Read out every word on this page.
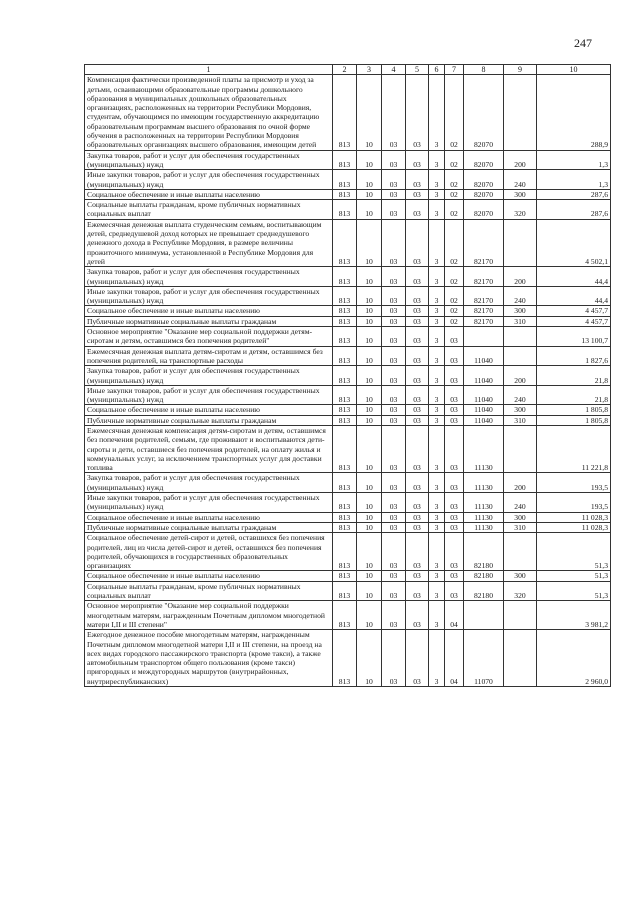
247
1	2	3	4	5	6	7	8	9	10
Компенсация фактически произведенной платы за присмотр и уход за детьми, осваивающими образовательные программы дошкольного образования в муниципальных дошкольных образовательных организациях, расположенных на территории Республики Мордовия, студентам, обучающимся по имеющим государственную аккредитацию образовательным программам высшего образования по очной форме обучения в расположенных на территории Республики Мордовия образовательных организациях высшего образования, имеющим детей	813	10	03	03	3	02	82070		288,9
Закупка товаров, работ и услуг для обеспечения государственных (муниципальных) нужд	813	10	03	03	3	02	82070	200	1,3
Иные закупки товаров, работ и услуг для обеспечения государственных (муниципальных) нужд	813	10	03	03	3	02	82070	240	1,3
Социальное обеспечение и иные выплаты населению	813	10	03	03	3	02	82070	300	287,6
Социальные выплаты гражданам, кроме публичных нормативных социальных выплат	813	10	03	03	3	02	82070	320	287,6
Ежемесячная денежная выплата студенческим семьям, воспитывающим детей, среднедушевой доход которых не превышает среднедушевого денежного дохода в Республике Мордовия, в размере величины прожиточного минимума, установленной в Республике Мордовия для детей	813	10	03	03	3	02	82170		4 502,1
Закупка товаров, работ и услуг для обеспечения государственных (муниципальных) нужд	813	10	03	03	3	02	82170	200	44,4
Иные закупки товаров, работ и услуг для обеспечения государственных (муниципальных) нужд	813	10	03	03	3	02	82170	240	44,4
Социальное обеспечение и иные выплаты населению	813	10	03	03	3	02	82170	300	4 457,7
Публичные нормативные социальные выплаты гражданам	813	10	03	03	3	02	82170	310	4 457,7
Основное мероприятие "Оказание мер социальной поддержки детям-сиротам и детям, оставшимся без попечения родителей"	813	10	03	03	3	03			13 100,7
Ежемесячная денежная выплата детям-сиротам и детям, оставшимся без попечения родителей, на транспортные расходы	813	10	03	03	3	03	11040		1 827,6
Закупка товаров, работ и услуг для обеспечения государственных (муниципальных) нужд	813	10	03	03	3	03	11040	200	21,8
Иные закупки товаров, работ и услуг для обеспечения государственных (муниципальных) нужд	813	10	03	03	3	03	11040	240	21,8
Социальное обеспечение и иные выплаты населению	813	10	03	03	3	03	11040	300	1 805,8
Публичные нормативные социальные выплаты гражданам	813	10	03	03	3	03	11040	310	1 805,8
Ежемесячная денежная компенсация детям-сиротам и детям, оставшимся без попечения родителей, семьям, где проживают и воспитываются дети-сироты и дети, оставшиеся без попечения родителей, на оплату жилья и коммунальных услуг, за исключением транспортных услуг для доставки топлива	813	10	03	03	3	03	11130		11 221,8
Закупка товаров, работ и услуг для обеспечения государственных (муниципальных) нужд	813	10	03	03	3	03	11130	200	193,5
Иные закупки товаров, работ и услуг для обеспечения государственных (муниципальных) нужд	813	10	03	03	3	03	11130	240	193,5
Социальное обеспечение и иные выплаты населению	813	10	03	03	3	03	11130	300	11 028,3
Публичные нормативные социальные выплаты гражданам	813	10	03	03	3	03	11130	310	11 028,3
Социальное обеспечение детей-сирот и детей, оставшихся без попечения родителей, лиц из числа детей-сирот и детей, оставшихся без попечения родителей, обучающихся в государственных образовательных организациях	813	10	03	03	3	03	82180		51,3
Социальное обеспечение и иные выплаты населению	813	10	03	03	3	03	82180	300	51,3
Социальные выплаты гражданам, кроме публичных нормативных социальных выплат	813	10	03	03	3	03	82180	320	51,3
Основное мероприятие "Оказание мер социальной поддержки многодетным матерям, награжденным Почетным дипломом многодетной матери I,II и III степени"	813	10	03	03	3	04			3 981,2
Ежегодное денежное пособие многодетным матерям, награжденным Почетным дипломом многодетной матери I,II и III степени, на проезд на всех видах городского пассажирского транспорта (кроме такси), а также автомобильным транспортом общего пользования (кроме такси) пригородных и междугородных маршрутов (внутрирайонных, внутриреспубликанских)	813	10	03	03	3	04	11070		2 960,0
